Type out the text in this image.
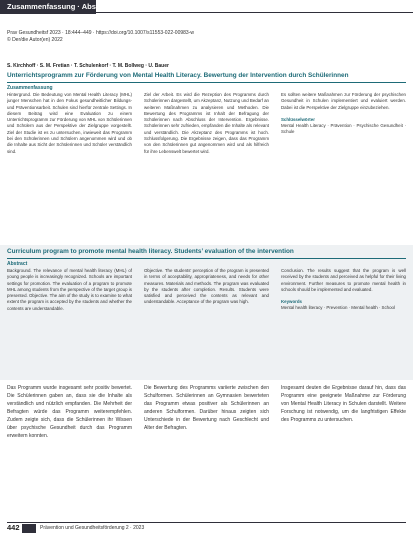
Zusammenfassung · Abstract
Prav Gesundheitsf 2023 · 18:444–449 · https://doi.org/10.1007/s11553-022-00983-w
© Der/die Autor(en) 2022
S. Kirchhoff · S. M. Fretian · T. Schulenkorf · T. M. Bollweg · U. Bauer
Unterrichtsprogramm zur Förderung von Mental Health Literacy. Bewertung der Intervention durch Schülerinnen
Zusammenfassung

Hintergrund. Die Bedeutung von Mental Health Literacy (MHL) junger Menschen hat in den Fokus gesundheitlicher Bildungs- und Präventionsarbeit. Schulen sind hierfür zentrale Settings. In diesem Beitrag wird eine Evaluation zu einem Unterrichtsprogramm zur Förderung von MHL von Schülerinnen und Schülern aus der Perspektive der Zielgruppe vorgestellt. Ziel der Studie ist es zu untersuchen, inwieweit das Programm bei den Schülerinnen und Schülern angenommen wird und ob die Inhalte aus Sicht der Schülerinnen und Schüler verständlich sind.

Ziel der Arbeit. Es wird die Rezeption des Programms durch Schülerinnen dargestellt, um Akzeptanz, Nutzung und Bedarf an weiteren Maßnahmen zu analysieren und Methoden. Die Bewertung des Programms ist Inhalt der Befragung der Schülerinnen nach Abschluss der Intervention. Ergebnisse. Schülerinnen sehr zufrieden, empfanden die Inhalte als relevant und verständlich. Die Akzeptanz des Programms ist hoch. Schlussfolgerung. Die Ergebnisse zeigen, dass das Programm von den Schülerinnen gut angenommen wird und als hilfreich für ihre Lebenswelt bewertet wird.

Es sollten weitere Maßnahmen zur Förderung der psychischen Gesundheit in Schulen implementiert und evaluiert werden. Dabei ist die Perspektive der Zielgruppe einzubeziehen.

Schlüsselwörter

Mental Health Literacy · Prävention · Psychische Gesundheit · Schule

Curriculum program to promote mental health literacy. Students’ evaluation of the intervention
Abstract

Background. The relevance of mental health literacy (MHL) of young people is increasingly recognized. Schools are important settings for promotion. The evaluation of a program to promote MHL among students from the perspective of the target group is presented. Objective. The aim of the study is to examine to what extent the program is accepted by the students and whether the contents are understandable.

Objective. The students’ perception of the program is presented in terms of acceptability, appropriateness, and needs for other measures. Materials and methods. The program was evaluated by the students after completion. Results. Students were satisfied and perceived the contents as relevant and understandable. Acceptance of the program was high.

Conclusion. The results suggest that the program is well received by the students and perceived as helpful for their living environment. Further measures to promote mental health in schools should be implemented and evaluated.

Keywords

Mental health literacy · Prevention · Mental health · School

Das Programm wurde insgesamt sehr positiv bewertet. Die Schülerinnen gaben an, dass sie die Inhalte als verständlich und nützlich empfanden. Die Mehrheit der Befragten würde das Programm weiterempfehlen. Zudem zeigte sich, dass die Schülerinnen ihr Wissen über psychische Gesundheit durch das Programm erweitern konnten.

Die Bewertung des Programms variierte zwischen den Schulformen. Schülerinnen an Gymnasien bewerteten das Programm etwas positiver als Schülerinnen an anderen Schulformen. Darüber hinaus zeigten sich Unterschiede in der Bewertung nach Geschlecht und Alter der Befragten.

Insgesamt deuten die Ergebnisse darauf hin, dass das Programm eine geeignete Maßnahme zur Förderung von Mental Health Literacy in Schulen darstellt. Weitere Forschung ist notwendig, um die langfristigen Effekte des Programms zu untersuchen.

442	Prävention und Gesundheitsförderung 2 · 2023
